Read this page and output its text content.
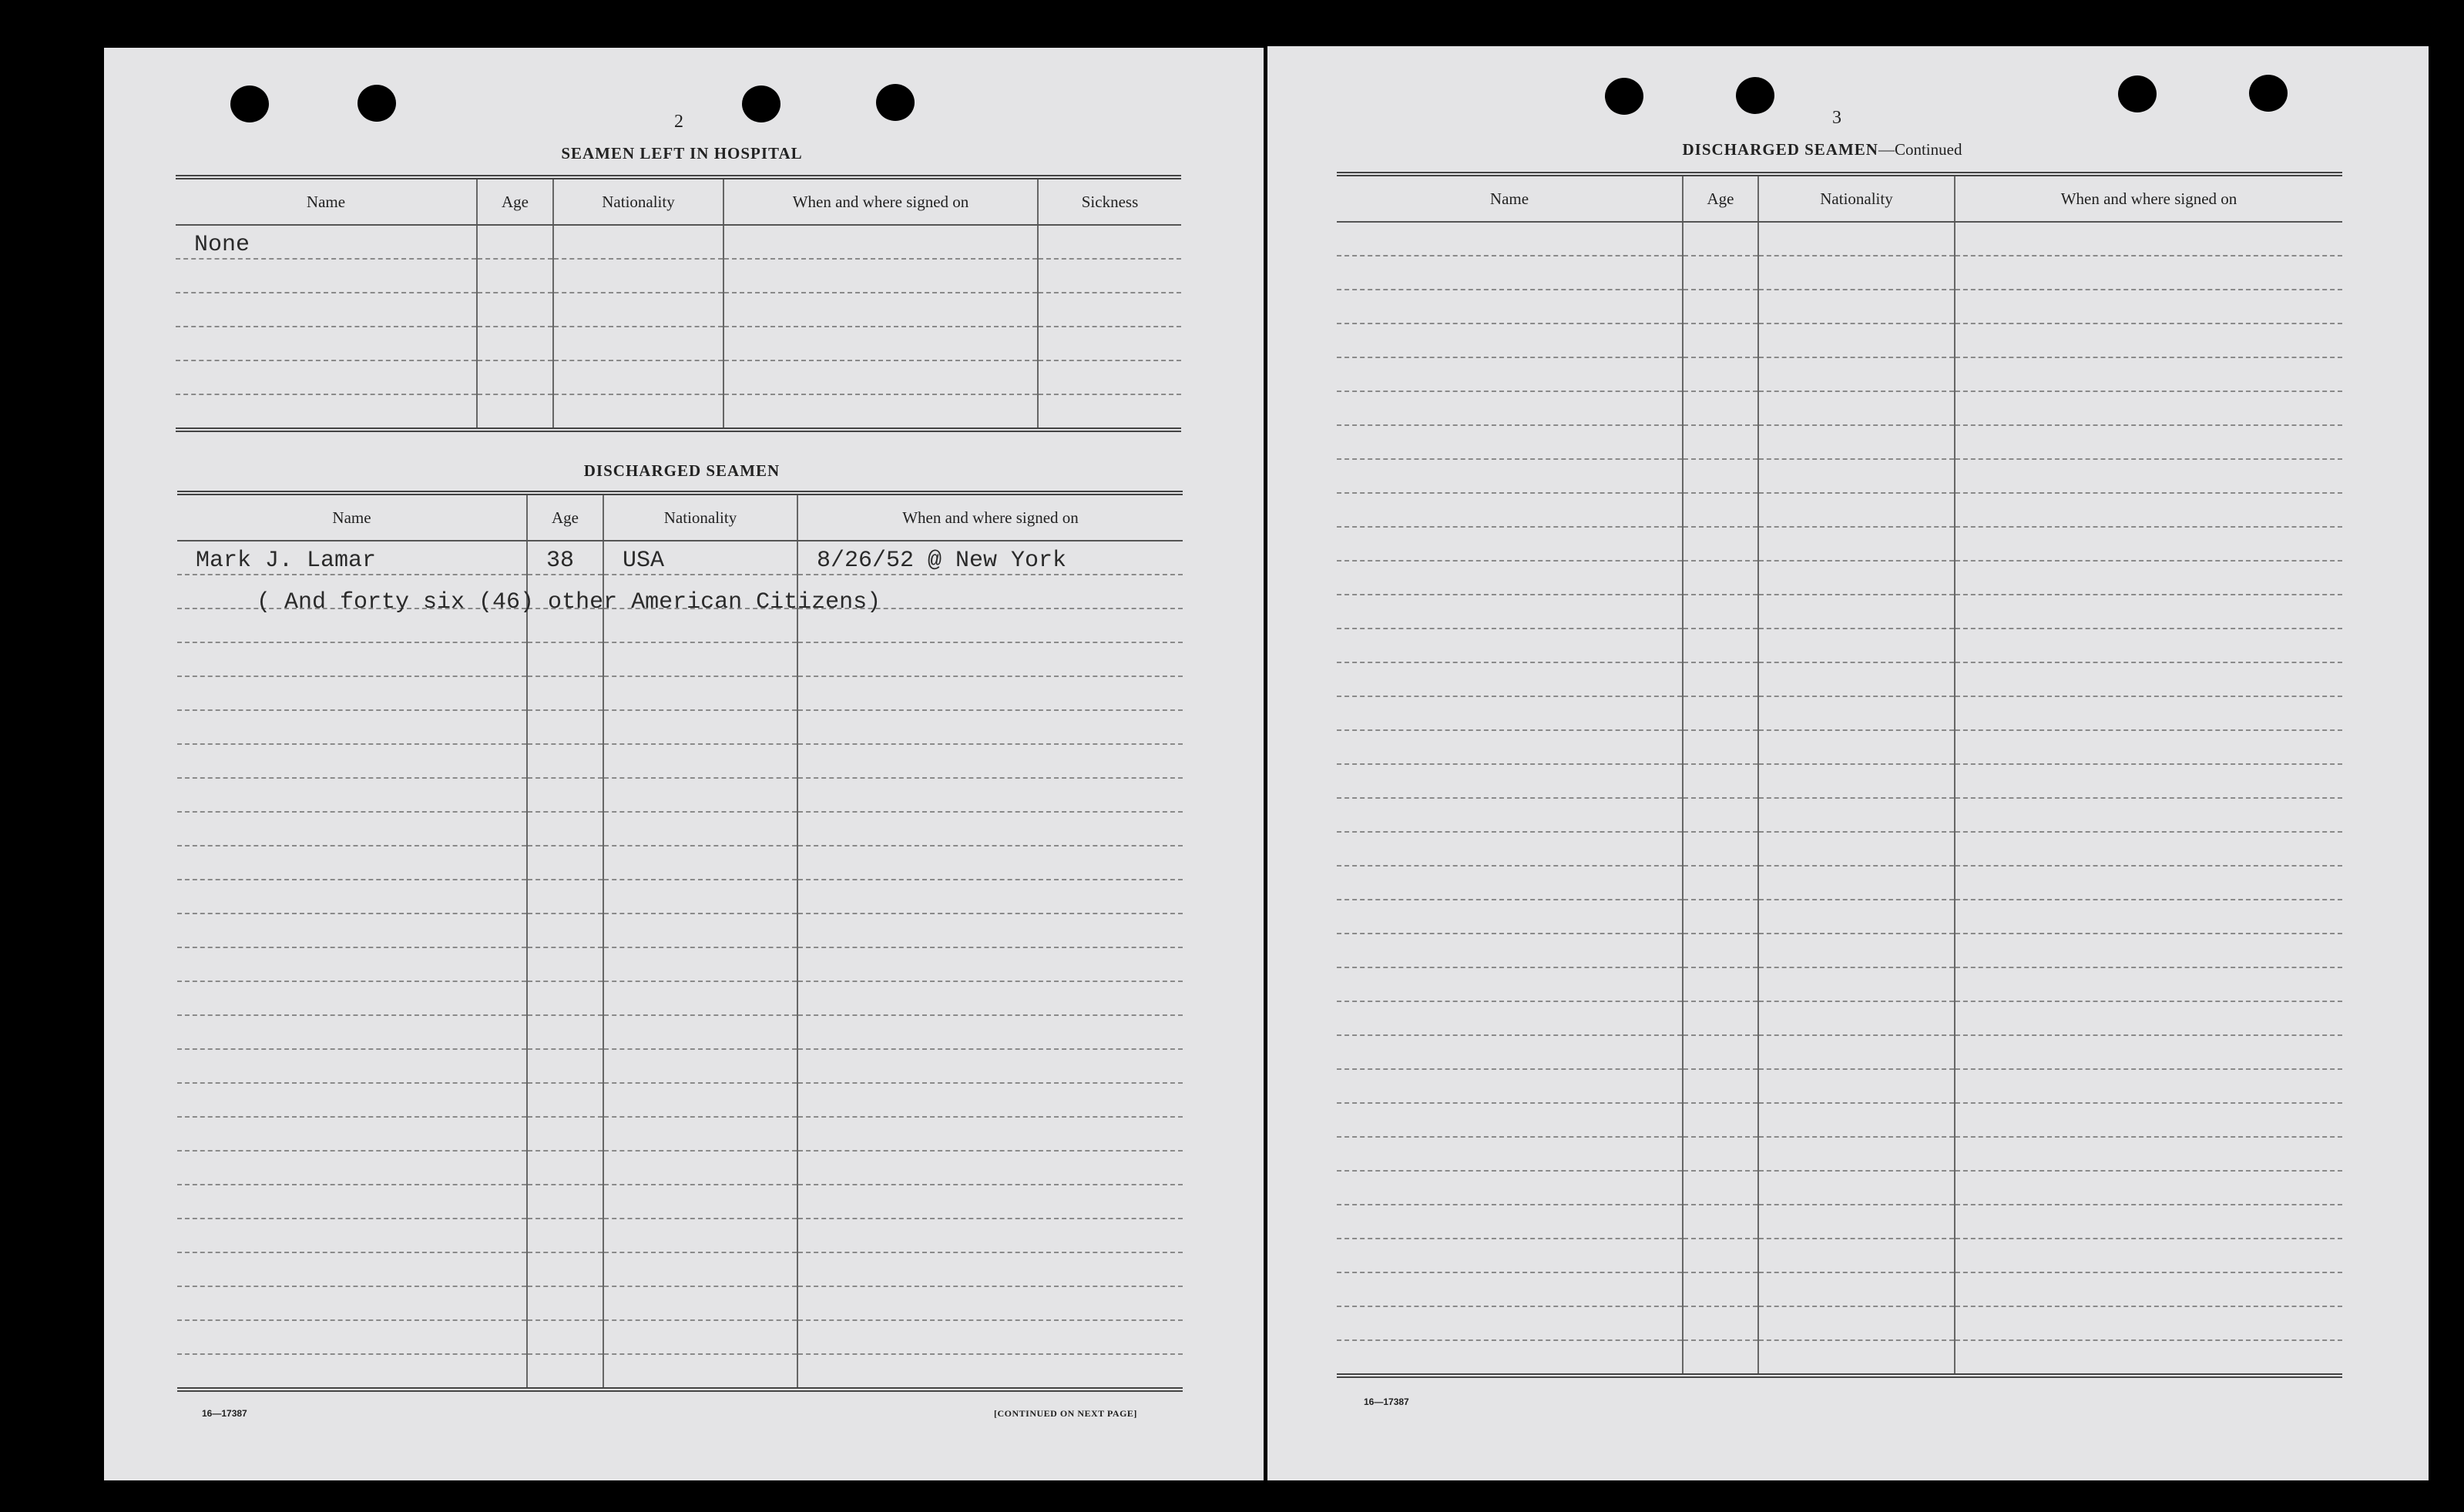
2
SEAMEN LEFT IN HOSPITAL
Name	Age	Nationality	When and where signed on	Sickness
None				

DISCHARGED SEAMEN
Name	Age	Nationality	When and where signed on
Mark J. Lamar	38	USA	8/26/52 @ New York

( And forty six (46) other American Citizens)
16—17387	[CONTINUED ON NEXT PAGE]
3
DISCHARGED SEAMEN—Continued
Name	Age	Nationality	When and where signed on

16—17387
